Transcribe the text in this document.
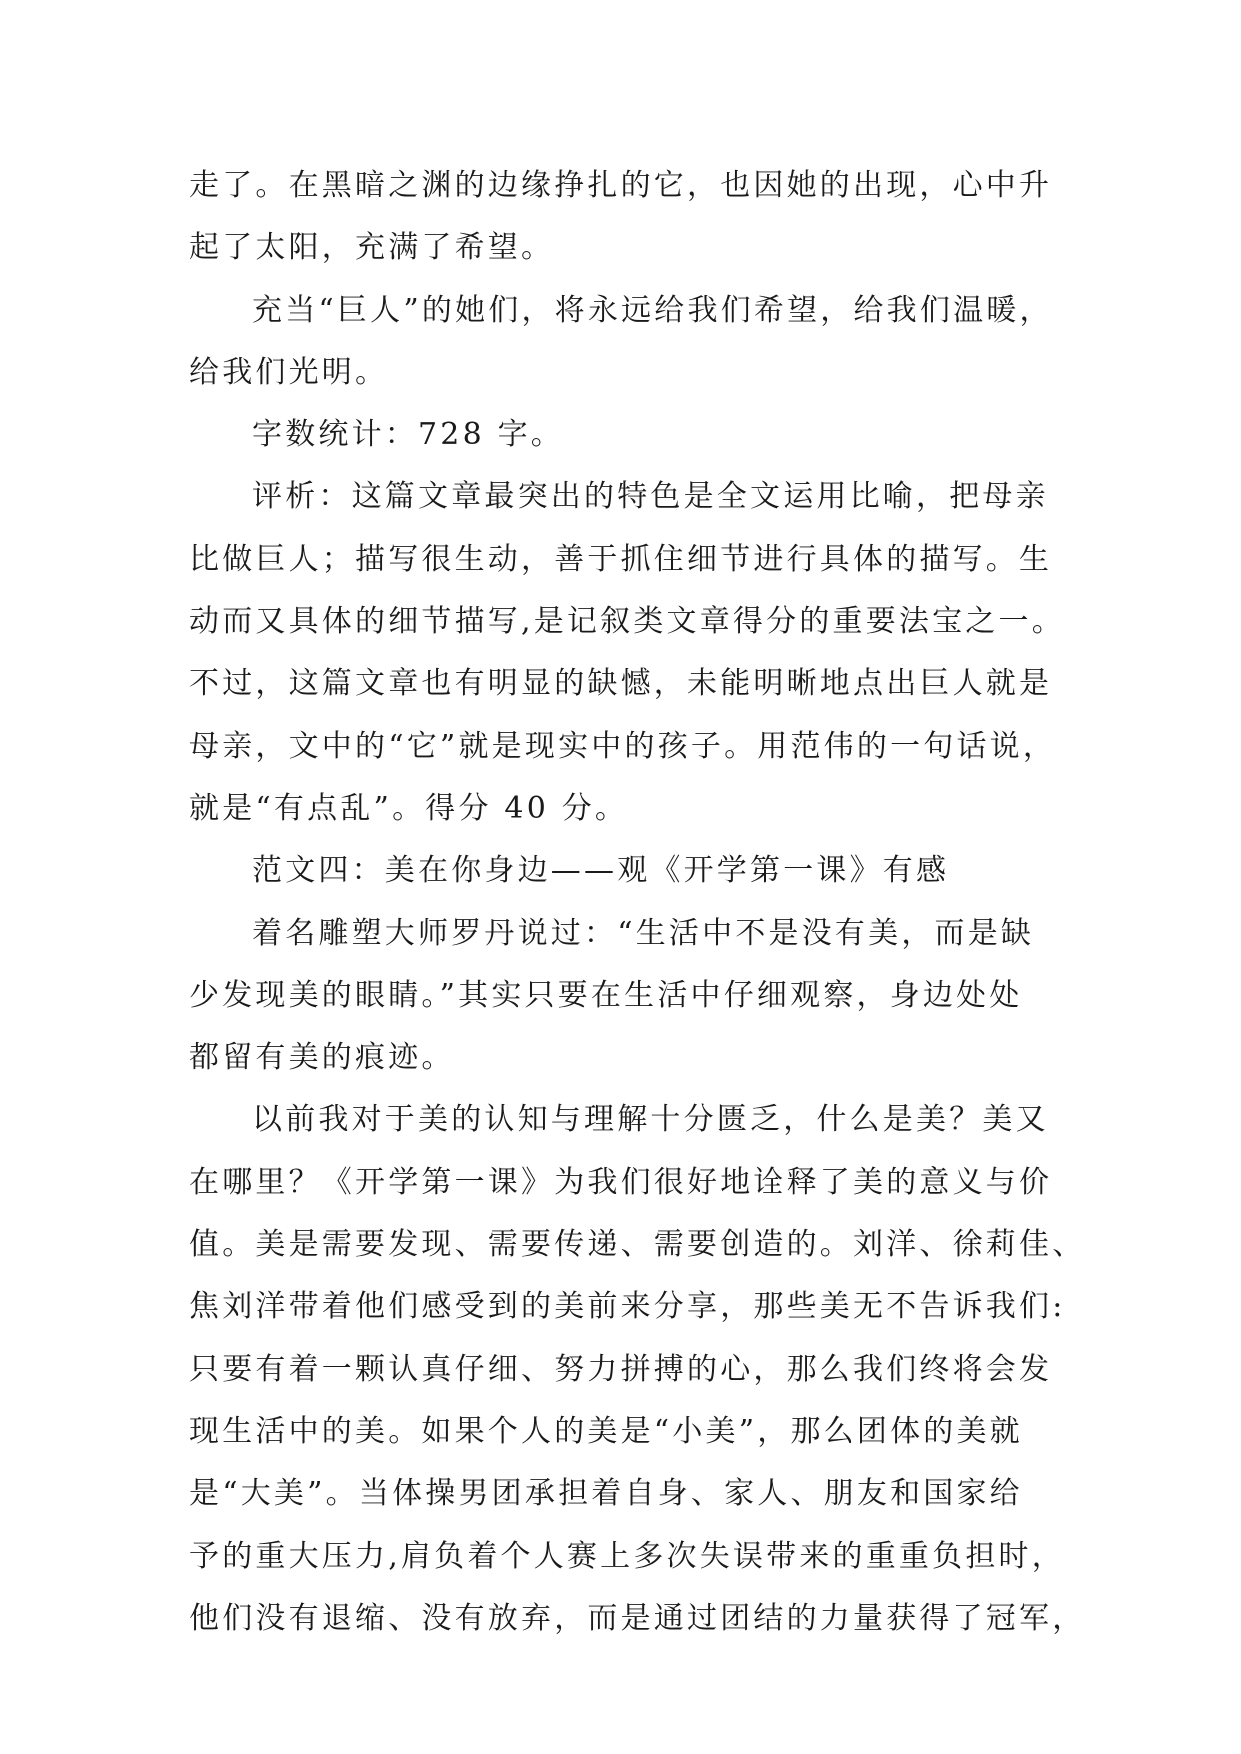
走了。在黑暗之渊的边缘挣扎的它，也因她的出现，心中升
起了太阳，充满了希望。
充当“巨人”的她们，将永远给我们希望，给我们温暖，
给我们光明。
字数统计：728 字。
评析：这篇文章最突出的特色是全文运用比喻，把母亲
比做巨人；描写很生动，善于抓住细节进行具体的描写。生
动而又具体的细节描写,是记叙类文章得分的重要法宝之一。
不过，这篇文章也有明显的缺憾，未能明晰地点出巨人就是
母亲，文中的“它”就是现实中的孩子。用范伟的一句话说，
就是“有点乱”。得分 40 分。
范文四：美在你身边——观《开学第一课》有感
着名雕塑大师罗丹说过：“生活中不是没有美，而是缺
少发现美的眼睛。”其实只要在生活中仔细观察，身边处处
都留有美的痕迹。
以前我对于美的认知与理解十分匮乏，什么是美？美又
在哪里？《开学第一课》为我们很好地诠释了美的意义与价
值。美是需要发现、需要传递、需要创造的。刘洋、徐莉佳、
焦刘洋带着他们感受到的美前来分享，那些美无不告诉我们:
只要有着一颗认真仔细、努力拼搏的心，那么我们终将会发
现生活中的美。如果个人的美是“小美”，那么团体的美就
是“大美”。当体操男团承担着自身、家人、朋友和国家给
予的重大压力,肩负着个人赛上多次失误带来的重重负担时，
他们没有退缩、没有放弃，而是通过团结的力量获得了冠军，
